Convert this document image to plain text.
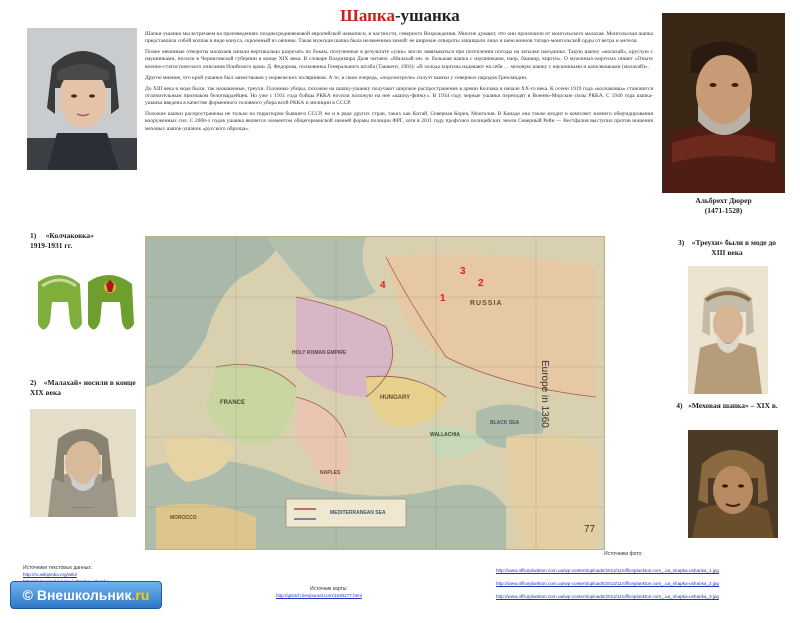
Шапка-ушанка

Шапки-ушанки мы встречаем на произведениях позднесредневековой европейской живописи, в частности, северного Возрождения. Многие думают, что они произошли от монгольского малахая. Монгольская шапка представляла собой колпак в виде конуса, скроенный из овчины. Такая мужская шапка была незаменима зимой: ее широкие отвороты защищали лицо и шею воинов татаро-монгольской орды от ветра и метели.

Позже овчинные отвороты малахаев начали вертикально разрезать по бокам, полученные в результате «уши» могли завязываться при потеплении погоды на затылке наездника. Такую шапку «малахай», круглую с наушниками, носили в Черниговской губернии в конце XIX века. В словаре Владимира Даля читаем: «Малахай мн. м. большая шапка с наушниками, напр. башкир, киргиз». О мужчинах-киргизах пишет «Опыте военно-статистического описания Илийского края» Д. Федорова, полковника Генерального штаба (Ташкент, 1903): «В холода киргизы надевают на себя … меховую шапку с наушниками и капелюшками (малахай)».

Другое мнение, что крой ушанки был заимствован у норвежских полярников. А те, в свою очередь, «подсмотрели» силуэт шапки у северных народов Гренландии.

До XIII века в моде были, так называемые, треухи. Головные уборы, похожие на шапку-ушанку получают широкое распространение в армии Колчака в начале XX-го века. К осени 1919 года «колчаковка» становится отличительным признаком белогвардейцев. Но уже с 1931 года бойцы РККА носили похожую на нее «шапку-финку». В 1934 году черные ушанки переходят в Военно-Морские силы РККА. С 1940 года шапка-ушанка введена в качестве форменного головного убора всей РККА и милиции в СССР.

Похожие шапки распространены не только на территории бывшего СССР, но и в ряде других стран, таких как Китай, Северная Корея, Монголия. В Канаде она также входит в комплект зимнего обмундирования вооруженных сил. С 2000-х годов ушанка является элементом общегерманской зимней формы полиции ФРГ, хотя в 2011 году профсоюз полицейских земли Северный Рейн — Вестфалия выступил против ношения меховых шапок-ушанок «русского образца».

Альбрехт Дюрер
(1471-1528)
1) «Колчаковка»
1919-1931 гг.
2) «Малахай» носили в конце XIX века
~~~~~~~~~~
3) «Треухи» были в моде до XIII века
4) «Меховая шапка» – XIX в.
RUSSIA
HUNGARY
WALLACHIA
HOLY ROMAN EMPIRE
FRANCE
NAPLES
MOROCCO
BLACK SEA
MEDITERRANEAN SEA
Europe in 1360
77
1
2
3
4
Источники текстовых данных:
http://ru.wikipedia.org/wiki/
© Внешкольник.ru	Источник карты:
http://gis3ch.livejournal.com/1630277.html
Источники фото:
http://www.officeplankton.com.ua/wp-content/uploads/2013/11/officeplankton.com_.ua_shapka-ushanka_1.jpg
http://www.officeplankton.com.ua/wp-content/uploads/2013/11/officeplankton.com_.ua_shapka-ushanka_2.jpg
http://www.officeplankton.com.ua/wp-content/uploads/2013/11/officeplankton.com_.ua_shapka-ushanka_3.jpg
